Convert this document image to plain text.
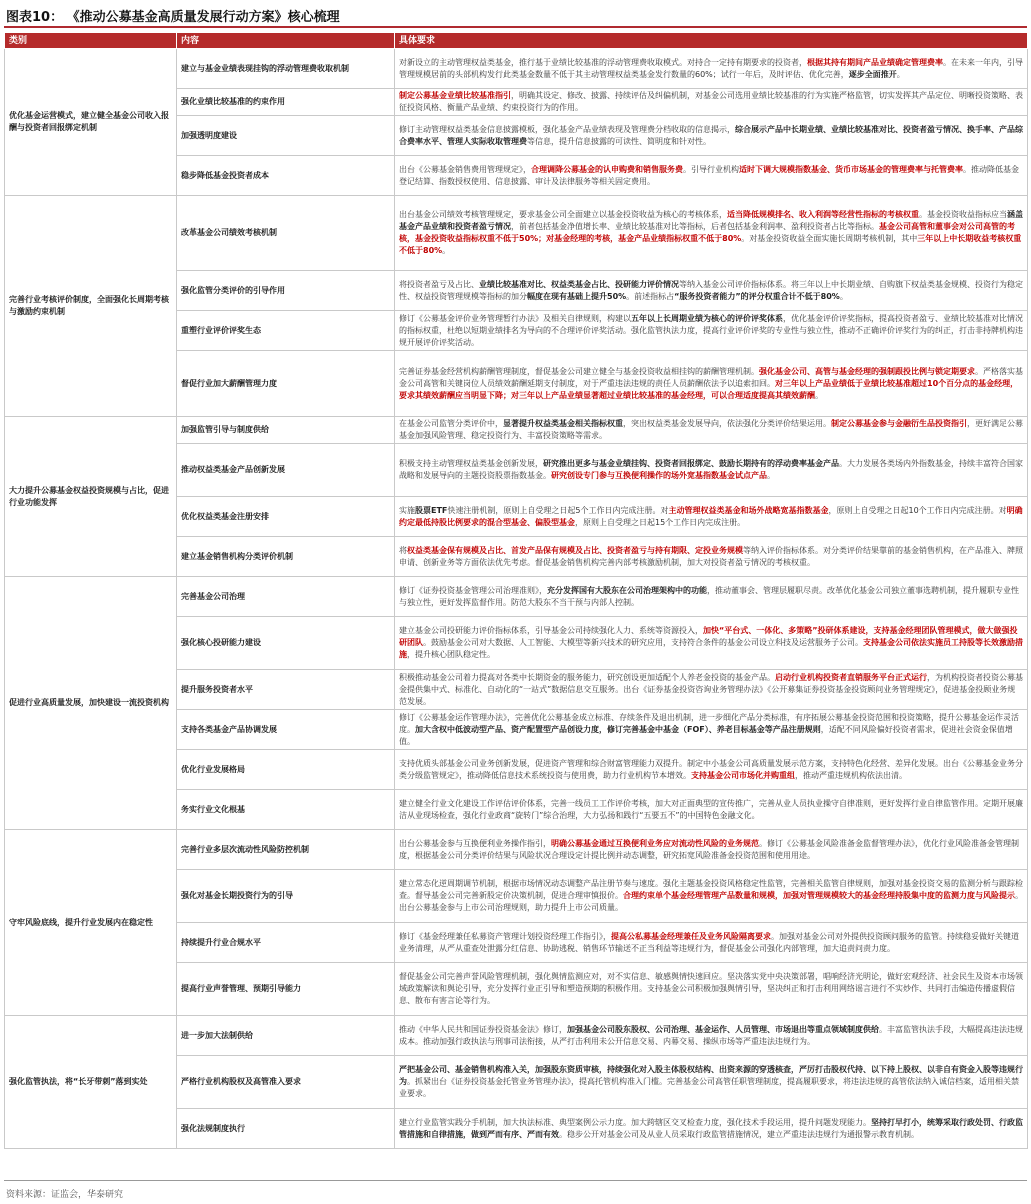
图表10： 《推动公募基金高质量发展行动方案》核心梳理
类别	内容	具体要求
优化基金运营模式，建立健全基金公司收入报酬与投资者回报绑定机制	建立与基金业绩表现挂钩的浮动管理费收取机制	对新设立的主动管理权益类基金，推行基于业绩比较基准的浮动管理费收取模式。对持合一定持有期要求的投资者，根据其持有期间产品业绩确定管理费率。在未来一年内，引导管理规模居前的头部机构发行此类基金数量不低于其主动管理权益类基金发行数量的60%；试行一年后，及时评估、优化完善，逐步全面推开。
	强化业绩比较基准的约束作用	制定公募基金业绩比较基准指引，明确其设定、修改、披露、持续评估及纠偏机制，对基金公司选用业绩比较基准的行为实施严格监管，切实发挥其产品定位、明晰投资策略、表征投资风格、衡量产品业绩、约束投资行为的作用。
	加强透明度建设	修订主动管理权益类基金信息披露模板，强化基金产品业绩表现及管理费分档收取的信息揭示，综合展示产品中长期业绩、业绩比较基准对比、投资者盈亏情况、换手率、产品综合费率水平、管理人实际收取管理费等信息，提升信息披露的可读性、简明度和针对性。
	稳步降低基金投资者成本	出台《公募基金销售费用管理规定》，合理调降公募基金的认申购费和销售服务费。引导行业机构适时下调大规模指数基金、货币市场基金的管理费率与托管费率。推动降低基金登记结算、指数授权使用、信息披露、审计及法律服务等相关固定费用。
完善行业考核评价制度，全面强化长周期考核与激励约束机制	改革基金公司绩效考核机制	出台基金公司绩效考核管理规定，要求基金公司全面建立以基金投资收益为核心的考核体系，适当降低规模排名、收入利润等经营性指标的考核权重。基金投资收益指标应当涵盖基金产品业绩和投资者盈亏情况，前者包括基金净值增长率、业绩比较基准对比等指标，后者包括基金利润率、盈利投资者占比等指标。基金公司高管和董事会对公司高管的考核，基金投资收益指标权重不低于50%；对基金经理的考核，基金产品业绩指标权重不低于80%。对基金投资收益全面实施长周期考核机制，其中三年以上中长期收益考核权重不低于80%。
	强化监管分类评价的引导作用	将投资者盈亏及占比、业绩比较基准对比、权益类基金占比、投研能力评价情况等纳入基金公司评价指标体系。将三年以上中长期业绩、自购旗下权益类基金规模、投资行为稳定性、权益投资管理规模等指标的加分幅度在现有基础上提升50%。前述指标占“服务投资者能力”的评分权重合计不低于80%。
	重塑行业评价评奖生态	修订《公募基金评价业务管理暂行办法》及相关自律规则，构建以五年以上长周期业绩为核心的评价评奖体系，优化基金评价评奖指标，提高投资者盈亏、业绩比较基准对比情况的指标权重，杜绝以短期业绩排名为导向的不合理评价评奖活动。强化监管执法力度，提高行业评价评奖的专业性与独立性，推动不正确评价评奖行为的纠正，打击非持牌机构违规开展评价评奖活动。
	督促行业加大薪酬管理力度	完善证券基金经营机构薪酬管理制度，督促基金公司建立健全与基金投资收益相挂钩的薪酬管理机制。强化基金公司、高管与基金经理的强制跟投比例与锁定期要求。严格落实基金公司高管和关键岗位人员绩效薪酬延期支付制度，对于严重违法违规的责任人员薪酬依法予以追索扣回。对三年以上产品业绩低于业绩比较基准超过10个百分点的基金经理，要求其绩效薪酬应当明显下降；对三年以上产品业绩显著超过业绩比较基准的基金经理，可以合理适度提高其绩效薪酬。
大力提升公募基金权益投资规模与占比，促进行业功能发挥	加强监管引导与制度供给	在基金公司监管分类评价中，显著提升权益类基金相关指标权重，突出权益类基金发展导向，依法强化分类评价结果运用。制定公募基金参与金融衍生品投资指引，更好满足公募基金加强风险管理、稳定投资行为、丰富投资策略等需求。
	推动权益类基金产品创新发展	积极支持主动管理权益类基金创新发展，研究推出更多与基金业绩挂钩、投资者回报绑定、鼓励长期持有的浮动费率基金产品。大力发展各类场内外指数基金，持续丰富符合国家战略和发展导向的主题投资股票指数基金。研究创设专门参与互换便利操作的场外宽基指数基金试点产品。
	优化权益类基金注册安排	实施股票ETF快速注册机制，原则上自受理之日起5个工作日内完成注册。对主动管理权益类基金和场外战略宽基指数基金，原则上自受理之日起10个工作日内完成注册。对明确约定最低持股比例要求的混合型基金、偏股型基金，原则上自受理之日起15个工作日内完成注册。
	建立基金销售机构分类评价机制	将权益类基金保有规模及占比、首发产品保有规模及占比、投资者盈亏与持有期限、定投业务规模等纳入评价指标体系。对分类评价结果靠前的基金销售机构，在产品准入、牌照申请、创新业务等方面依法优先考虑。督促基金销售机构完善内部考核激励机制，加大对投资者盈亏情况的考核权重。
促进行业高质量发展，加快建设一流投资机构	完善基金公司治理	修订《证券投资基金管理公司治理准则》，充分发挥国有大股东在公司治理架构中的功能，推动董事会、管理层履职尽责。改革优化基金公司独立董事选聘机制，提升履职专业性与独立性，更好发挥监督作用。防范大股东不当干预与内部人控制。
	强化核心投研能力建设	建立基金公司投研能力评价指标体系，引导基金公司持续强化人力、系统等资源投入，加快“平台式、一体化、多策略”投研体系建设，支持基金经理团队管理模式，做大做强投研团队。鼓励基金公司对大数据、人工智能、大模型等新兴技术的研究应用，支持符合条件的基金公司设立科技及运营服务子公司。支持基金公司依法实施员工持股等长效激励措施，提升核心团队稳定性。
	提升服务投资者水平	积极推动基金公司着力提高对各类中长期资金的服务能力，研究创设更加适配个人养老金投资的基金产品。启动行业机构投资者直销服务平台正式运行，为机构投资者投资公募基金提供集中式、标准化、自动化的“一站式”数据信息交互服务。出台《证券基金投资咨询业务管理办法》《公开募集证券投资基金投资顾问业务管理规定》，促进基金投顾业务规范发展。
	支持各类基金产品协调发展	修订《公募基金运作管理办法》，完善优化公募基金成立标准、存续条件及退出机制，进一步细化产品分类标准，有序拓展公募基金投资范围和投资策略，提升公募基金运作灵活度。加大含权中低波动型产品、资产配置型产品创设力度，修订完善基金中基金（FOF）、养老目标基金等产品注册规则，适配不同风险偏好投资者需求，促进社会资金保值增值。
	优化行业发展格局	支持优质头部基金公司业务创新发展，促进资产管理和综合财富管理能力双提升。制定中小基金公司高质量发展示范方案，支持特色化经营、差异化发展。出台《公募基金业务分类分级监管规定》，推动降低信息技术系统投资与使用费，助力行业机构节本增效。支持基金公司市场化并购重组，推动严重违规机构依法出清。
	务实行业文化根基	建立健全行业文化建设工作评估评价体系，完善一线员工工作评价考核，加大对正面典型的宣传推广，完善从业人员执业操守自律准则，更好发挥行业自律监管作用。定期开展廉洁从业现场检查，强化行业政商“旋转门”综合治理，大力弘扬和践行“五要五不”的中国特色金融文化。
守牢风险底线，提升行业发展内在稳定性	完善行业多层次流动性风险防控机制	出台公募基金参与互换便利业务操作指引，明确公募基金通过互换便利业务应对流动性风险的业务规范。修订《公募基金风险准备金监督管理办法》，优化行业风险准备金管理制度，根据基金公司分类评价结果与风险状况合理设定计提比例并动态调整，研究拓宽风险准备金投资范围和使用用途。
	强化对基金长期投资行为的引导	建立常态化逆周期调节机制，根据市场情况动态调整产品注册节奏与速度。强化主题基金投资风格稳定性监管，完善相关监管自律规则，加强对基金投资交易的监测分析与跟踪检查。督导基金公司完善新股定价决策机制，促进合理审慎报价。合理约束单个基金经理管理产品数量和规模，加强对管理规模较大的基金经理持股集中度的监测力度与风险提示。出台公募基金参与上市公司治理规则，助力提升上市公司质量。
	持续提升行业合规水平	修订《基金经理兼任私募资产管理计划投资经理工作指引》，提高公私募基金经理兼任及业务风险隔离要求。加强对基金公司对外提供投资顾问服务的监管。持续稳妥做好关键道业务清理，从严从重查处泄露分红信息、协助逃税、销售环节输送不正当利益等违规行为，督促基金公司强化内部管理，加大追责问责力度。
	提高行业声誉管理、预期引导能力	督促基金公司完善声誉风险管理机制，强化舆情监测应对，对不实信息、敏感舆情快速回应。坚决落实党中央决策部署，唱响经济光明论，做好宏观经济、社会民生及资本市场领域政策解读和舆论引导，充分发挥行业正引导和塑造预期的积极作用。支持基金公司积极加强舆情引导，坚决纠正和打击利用网络谣言进行不实炒作、共同打击编造传播虚假信息、散布有害言论等行为。
强化监管执法，将“长牙带刺”落到实处	进一步加大法制供给	推动《中华人民共和国证券投资基金法》修订，加强基金公司股东股权、公司治理、基金运作、人员管理、市场退出等重点领域制度供给。丰富监管执法手段，大幅提高违法违规成本。推动加强行政执法与刑事司法衔接，从严打击利用未公开信息交易、内幕交易、操纵市场等严重违法违规行为。
	严格行业机构股权及高管准入要求	严把基金公司、基金销售机构准入关，加强股东资质审核，持续强化对入股主体股权结构、出资来源的穿透核查，严厉打击股权代持、以下持上股权、以非自有资金入股等违规行为。抓紧出台《证券投资基金托管业务管理办法》，提高托管机构准入门槛。完善基金公司高管任职管理制度，提高履职要求，将违法违规的高管依法纳入诚信档案，适用相关禁业要求。
	强化法规制度执行	建立行业监管实践分手机制，加大执法标准、典型案例公示力度。加大跨辖区交叉检查力度，强化技术手段运用，提升问题发现能力。坚持打早打小，统筹采取行政处罚、行政监管措施和自律措施，做到严而有序、严而有效。稳步公开对基金公司及从业人员采取行政监管措施情况，建立严重违法违规行为通报警示教育机制。
资料来源：证监会，华泰研究
